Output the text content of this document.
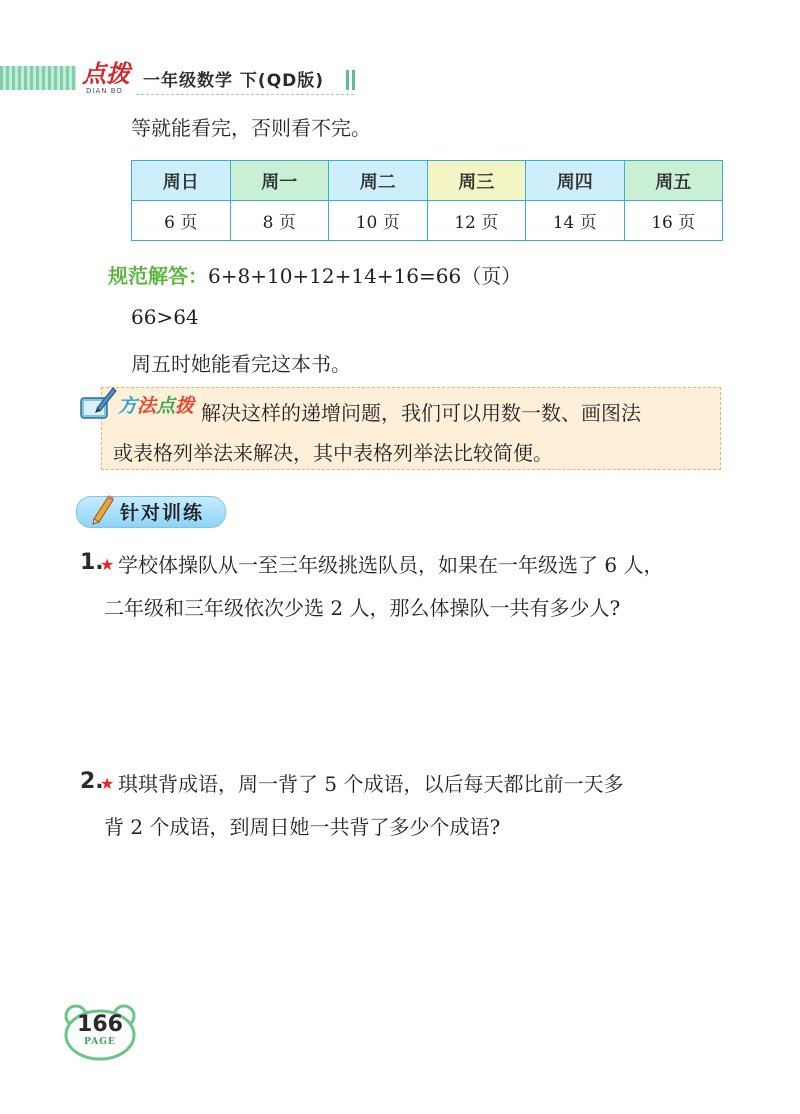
点拨
DIAN BO 一年级数学 下(QD版)
等就能看完，否则看不完。
周日	周一	周二	周三	周四	周五
6 页	8 页	10 页	12 页	14 页	16 页
规范解答：6+8+10+12+14+16=66（页）
66>64
周五时她能看完这本书。
方法点拨 解决这样的递增问题，我们可以用数一数、画图法
或表格列举法来解决，其中表格列举法比较简便。
针对训练
1.
★ 学校体操队从一至三年级挑选队员，如果在一年级选了 6 人，
二年级和三年级依次少选 2 人，那么体操队一共有多少人?
2.
★ 琪琪背成语，周一背了 5 个成语，以后每天都比前一天多
背 2 个成语，到周日她一共背了多少个成语?
166
PAGE
